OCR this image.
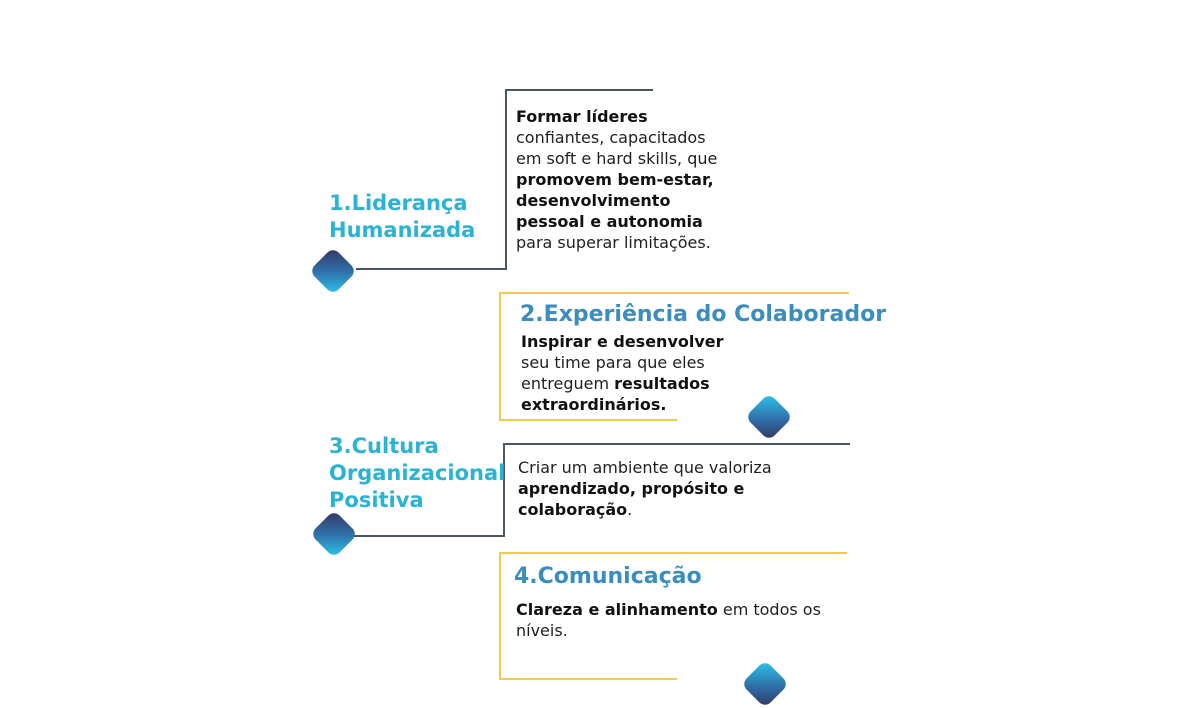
1.Liderança
Humanizada
Formar líderes
confiantes, capacitados
em soft e hard skills, que
promovem bem-estar,
desenvolvimento
pessoal e autonomia
para superar limitações.
2.Experiência do Colaborador
Inspirar e desenvolver
seu time para que eles
entreguem resultados
extraordinários.
3.Cultura
Organizacional
Positiva
Criar um ambiente que valoriza
aprendizado, propósito e
colaboração.
4.Comunicação
Clareza e alinhamento em todos os
níveis.
